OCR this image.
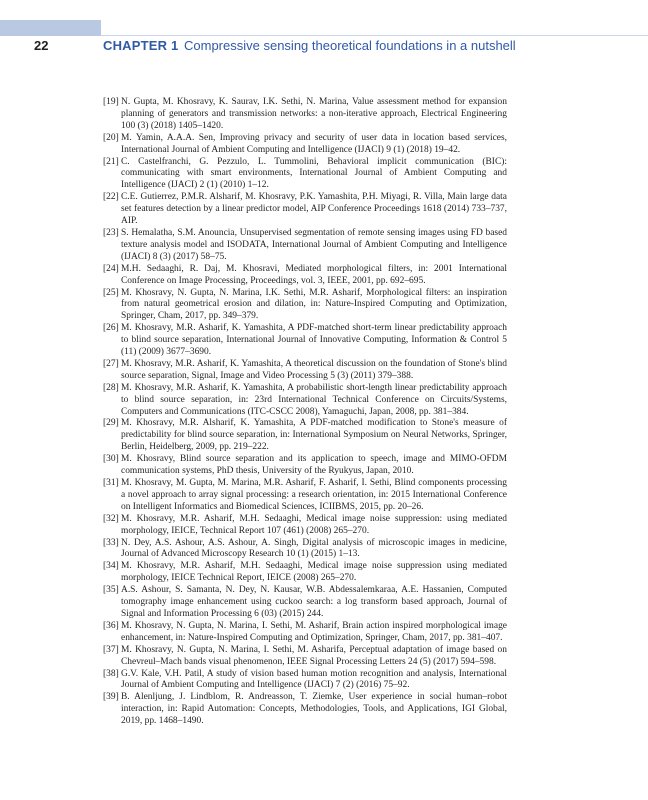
22	CHAPTER 1 Compressive sensing theoretical foundations in a nutshell
[19] N. Gupta, M. Khosravy, K. Saurav, I.K. Sethi, N. Marina, Value assessment method for expansion planning of generators and transmission networks: a non-iterative approach, Electrical Engineering 100 (3) (2018) 1405–1420.
[20] M. Yamin, A.A.A. Sen, Improving privacy and security of user data in location based services, International Journal of Ambient Computing and Intelligence (IJACI) 9 (1) (2018) 19–42.
[21] C. Castelfranchi, G. Pezzulo, L. Tummolini, Behavioral implicit communication (BIC): communicating with smart environments, International Journal of Ambient Computing and Intelligence (IJACI) 2 (1) (2010) 1–12.
[22] C.E. Gutierrez, P.M.R. Alsharif, M. Khosravy, P.K. Yamashita, P.H. Miyagi, R. Villa, Main large data set features detection by a linear predictor model, AIP Conference Proceedings 1618 (2014) 733–737, AIP.
[23] S. Hemalatha, S.M. Anouncia, Unsupervised segmentation of remote sensing images using FD based texture analysis model and ISODATA, International Journal of Ambient Computing and Intelligence (IJACI) 8 (3) (2017) 58–75.
[24] M.H. Sedaaghi, R. Daj, M. Khosravi, Mediated morphological filters, in: 2001 International Conference on Image Processing, Proceedings, vol. 3, IEEE, 2001, pp. 692–695.
[25] M. Khosravy, N. Gupta, N. Marina, I.K. Sethi, M.R. Asharif, Morphological filters: an inspiration from natural geometrical erosion and dilation, in: Nature-Inspired Computing and Optimization, Springer, Cham, 2017, pp. 349–379.
[26] M. Khosravy, M.R. Asharif, K. Yamashita, A PDF-matched short-term linear predictability approach to blind source separation, International Journal of Innovative Computing, Information & Control 5 (11) (2009) 3677–3690.
[27] M. Khosravy, M.R. Asharif, K. Yamashita, A theoretical discussion on the foundation of Stone's blind source separation, Signal, Image and Video Processing 5 (3) (2011) 379–388.
[28] M. Khosravy, M.R. Asharif, K. Yamashita, A probabilistic short-length linear predictability approach to blind source separation, in: 23rd International Technical Conference on Circuits/Systems, Computers and Communications (ITC-CSCC 2008), Yamaguchi, Japan, 2008, pp. 381–384.
[29] M. Khosravy, M.R. Alsharif, K. Yamashita, A PDF-matched modification to Stone's measure of predictability for blind source separation, in: International Symposium on Neural Networks, Springer, Berlin, Heidelberg, 2009, pp. 219–222.
[30] M. Khosravy, Blind source separation and its application to speech, image and MIMO-OFDM communication systems, PhD thesis, University of the Ryukyus, Japan, 2010.
[31] M. Khosravy, M. Gupta, M. Marina, M.R. Asharif, F. Asharif, I. Sethi, Blind components processing a novel approach to array signal processing: a research orientation, in: 2015 International Conference on Intelligent Informatics and Biomedical Sciences, ICIIBMS, 2015, pp. 20–26.
[32] M. Khosravy, M.R. Asharif, M.H. Sedaaghi, Medical image noise suppression: using mediated morphology, IEICE, Technical Report 107 (461) (2008) 265–270.
[33] N. Dey, A.S. Ashour, A.S. Ashour, A. Singh, Digital analysis of microscopic images in medicine, Journal of Advanced Microscopy Research 10 (1) (2015) 1–13.
[34] M. Khosravy, M.R. Asharif, M.H. Sedaaghi, Medical image noise suppression using mediated morphology, IEICE Technical Report, IEICE (2008) 265–270.
[35] A.S. Ashour, S. Samanta, N. Dey, N. Kausar, W.B. Abdessalemkaraa, A.E. Hassanien, Computed tomography image enhancement using cuckoo search: a log transform based approach, Journal of Signal and Information Processing 6 (03) (2015) 244.
[36] M. Khosravy, N. Gupta, N. Marina, I. Sethi, M. Asharif, Brain action inspired morphological image enhancement, in: Nature-Inspired Computing and Optimization, Springer, Cham, 2017, pp. 381–407.
[37] M. Khosravy, N. Gupta, N. Marina, I. Sethi, M. Asharifa, Perceptual adaptation of image based on Chevreul–Mach bands visual phenomenon, IEEE Signal Processing Letters 24 (5) (2017) 594–598.
[38] G.V. Kale, V.H. Patil, A study of vision based human motion recognition and analysis, International Journal of Ambient Computing and Intelligence (IJACI) 7 (2) (2016) 75–92.
[39] B. Alenljung, J. Lindblom, R. Andreasson, T. Ziemke, User experience in social human–robot interaction, in: Rapid Automation: Concepts, Methodologies, Tools, and Applications, IGI Global, 2019, pp. 1468–1490.
